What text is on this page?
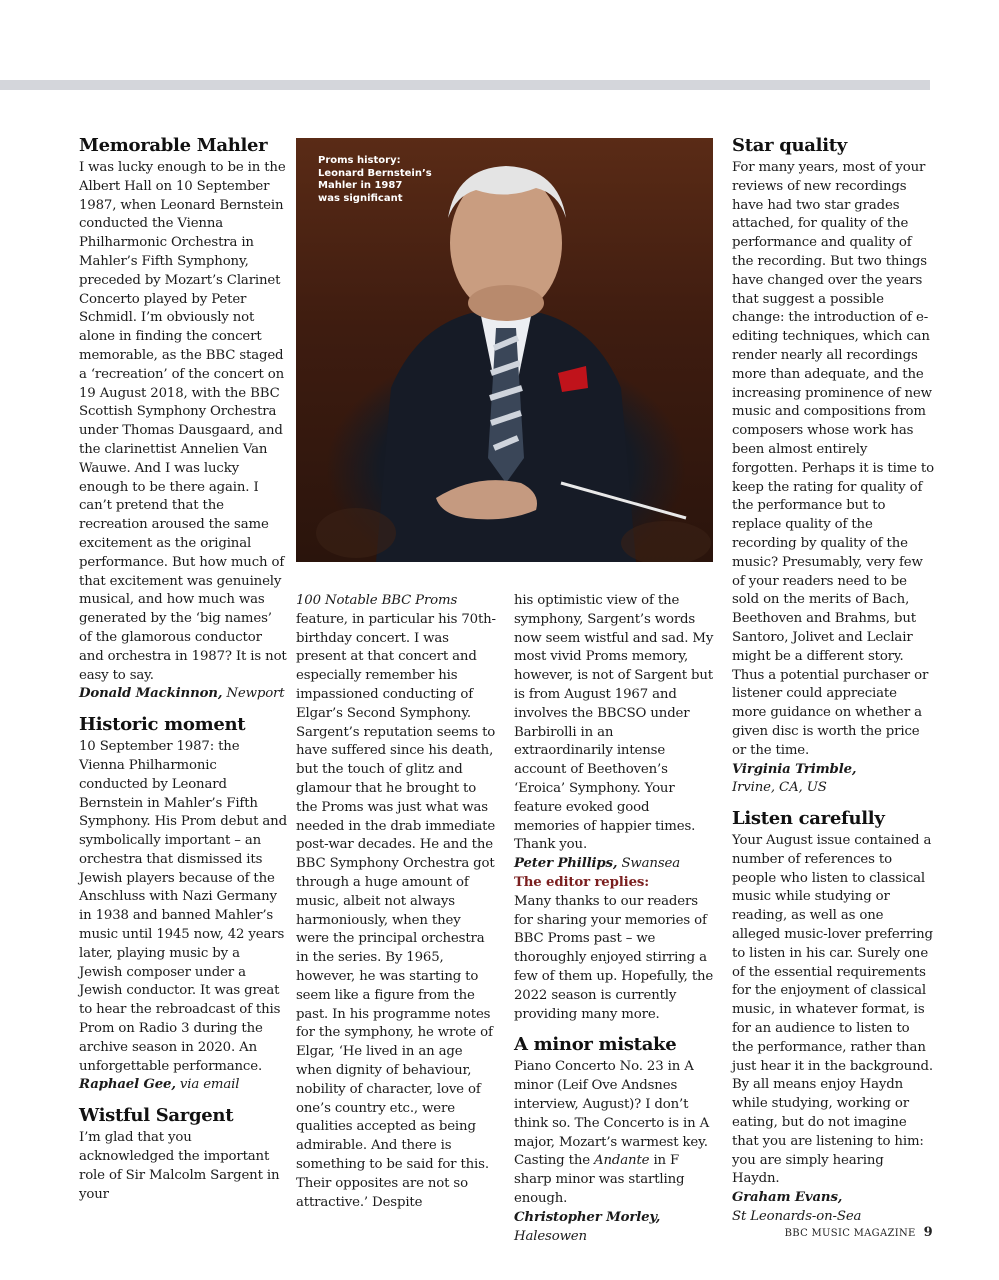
Memorable Mahler

I was lucky enough to be in the Albert Hall on 10 September 1987, when Leonard Bernstein conducted the Vienna Philharmonic Orchestra in Mahler’s Fifth Symphony, preceded by Mozart’s Clarinet Concerto played by Peter Schmidl. I’m obviously not alone in finding the concert memorable, as the BBC staged a ‘recreation’ of the concert on 19 August 2018, with the BBC Scottish Symphony Orchestra under Thomas Dausgaard, and the clarinettist Annelien Van Wauwe. And I was lucky enough to be there again. I can’t pretend that the recreation aroused the same excitement as the original performance. But how much of that excitement was genuinely musical, and how much was generated by the ‘big names’ of the glamorous conductor and orchestra in 1987? It is not easy to say.

Donald Mackinnon, Newport

Historic moment

10 September 1987: the Vienna Philharmonic conducted by Leonard Bernstein in Mahler’s Fifth Symphony. His Prom debut and symbolically important – an orchestra that dismissed its Jewish players because of the Anschluss with Nazi Germany in 1938 and banned Mahler’s music until 1945 now, 42 years later, playing music by a Jewish composer under a Jewish conductor. It was great to hear the rebroadcast of this Prom on Radio 3 during the archive season in 2020. An unforgettable performance.

Raphael Gee, via email

Wistful Sargent

I’m glad that you acknowledged the important role of Sir Malcolm Sargent in your

Proms history:
Leonard Bernstein’s
Mahler in 1987
was significant

100 Notable BBC Proms feature, in particular his 70th-birthday concert. I was present at that concert and especially remember his impassioned conducting of Elgar’s Second Symphony. Sargent’s reputation seems to have suffered since his death, but the touch of glitz and glamour that he brought to the Proms was just what was needed in the drab immediate post-war decades. He and the BBC Symphony Orchestra got through a huge amount of music, albeit not always harmoniously, when they were the principal orchestra in the series. By 1965, however, he was starting to seem like a figure from the past. In his programme notes for the symphony, he wrote of Elgar, ‘He lived in an age when dignity of behaviour, nobility of character, love of one’s country etc., were qualities accepted as being admirable. And there is something to be said for this. Their opposites are not so attractive.’ Despite

his optimistic view of the symphony, Sargent’s words now seem wistful and sad. My most vivid Proms memory, however, is not of Sargent but is from August 1967 and involves the BBCSO under Barbirolli in an extraordinarily intense account of Beethoven’s ‘Eroica’ Symphony. Your feature evoked good memories of happier times. Thank you.

Peter Phillips, Swansea

The editor replies:

Many thanks to our readers for sharing your memories of BBC Proms past – we thoroughly enjoyed stirring a few of them up. Hopefully, the 2022 season is currently providing many more.

A minor mistake

Piano Concerto No. 23 in A minor (Leif Ove Andsnes interview, August)? I don’t think so. The Concerto is in A major, Mozart’s warmest key. Casting the Andante in F sharp minor was startling enough.

Christopher Morley,

Halesowen

Star quality

For many years, most of your reviews of new recordings have had two star grades attached, for quality of the performance and quality of the recording. But two things have changed over the years that suggest a possible change: the introduction of e-editing techniques, which can render nearly all recordings more than adequate, and the increasing prominence of new music and compositions from composers whose work has been almost entirely forgotten. Perhaps it is time to keep the rating for quality of the performance but to replace quality of the recording by quality of the music? Presumably, very few of your readers need to be sold on the merits of Bach, Beethoven and Brahms, but Santoro, Jolivet and Leclair might be a different story. Thus a potential purchaser or listener could appreciate more guidance on whether a given disc is worth the price or the time.

Virginia Trimble,

Irvine, CA, US

Listen carefully

Your August issue contained a number of references to people who listen to classical music while studying or reading, as well as one alleged music-lover preferring to listen in his car. Surely one of the essential requirements for the enjoyment of classical music, in whatever format, is for an audience to listen to the performance, rather than just hear it in the background. By all means enjoy Haydn while studying, working or eating, but do not imagine that you are listening to him: you are simply hearing Haydn.

Graham Evans,

St Leonards-on-Sea

BBC MUSIC MAGAZINE 9
